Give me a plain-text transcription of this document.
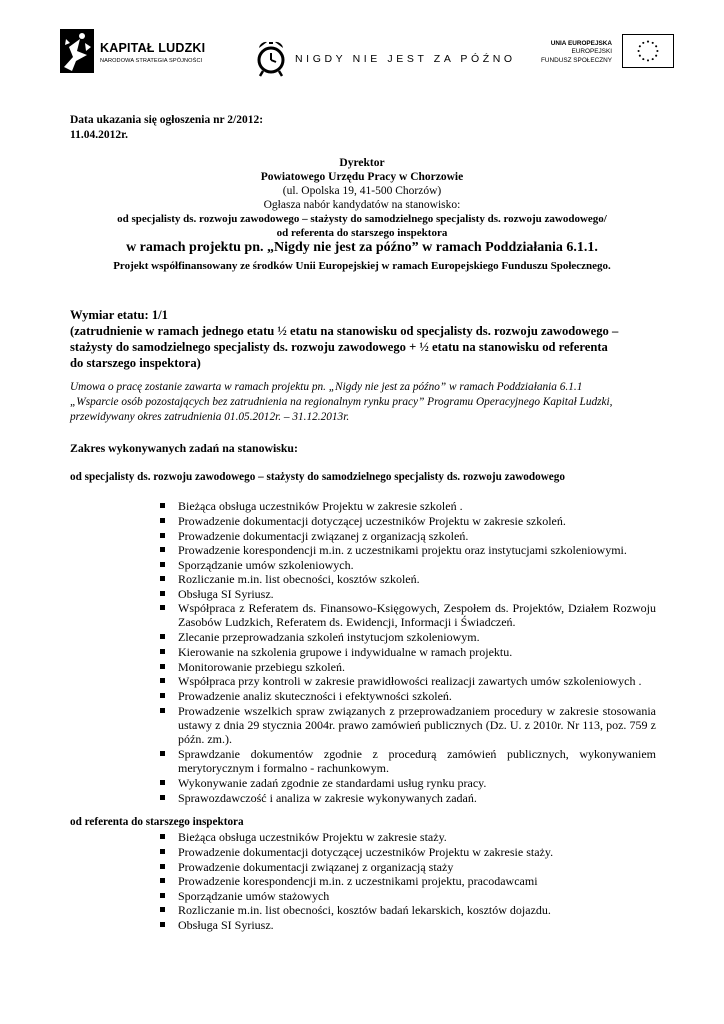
KAPITAŁ LUDZKI
NARODOWA STRATEGIA SPÓJNOŚCI	NIGDY NIE JEST ZA PÓŹNO
UNIA EUROPEJSKA
EUROPEJSKI
FUNDUSZ SPOŁECZNY
Data ukazania się ogłoszenia nr 2/2012:
11.04.2012r.
Dyrektor
Powiatowego Urzędu Pracy w Chorzowie
(ul. Opolska 19, 41-500 Chorzów)
Ogłasza nabór kandydatów na stanowisko:
od specjalisty ds. rozwoju zawodowego – stażysty do samodzielnego specjalisty ds. rozwoju zawodowego/
od referenta do starszego inspektora
w ramach projektu pn. „Nigdy nie jest za późno” w ramach Poddziałania 6.1.1.
Projekt współfinansowany ze środków Unii Europejskiej w ramach Europejskiego Funduszu Społecznego.
Wymiar etatu: 1/1
(zatrudnienie w ramach jednego etatu ½ etatu na stanowisku od specjalisty ds. rozwoju zawodowego –
stażysty do samodzielnego specjalisty ds. rozwoju zawodowego + ½ etatu na stanowisku od referenta
do starszego inspektora)
Umowa o pracę zostanie zawarta w ramach projektu pn. „Nigdy nie jest za późno” w ramach Poddziałania 6.1.1
„Wsparcie osób pozostających bez zatrudnienia na regionalnym rynku pracy” Programu Operacyjnego Kapitał Ludzki,
przewidywany okres zatrudnienia 01.05.2012r. – 31.12.2013r.
Zakres wykonywanych zadań na stanowisku:
od specjalisty ds. rozwoju zawodowego – stażysty do samodzielnego specjalisty ds. rozwoju zawodowego
Bieżąca obsługa uczestników Projektu w zakresie szkoleń .
Prowadzenie dokumentacji dotyczącej uczestników Projektu w zakresie szkoleń.
Prowadzenie dokumentacji związanej z organizacją szkoleń.
Prowadzenie korespondencji m.in. z uczestnikami projektu oraz instytucjami szkoleniowymi.
Sporządzanie umów szkoleniowych.
Rozliczanie m.in. list obecności, kosztów szkoleń.
Obsługa SI Syriusz.
Współpraca z Referatem ds. Finansowo-Księgowych, Zespołem ds. Projektów, Działem Rozwoju Zasobów Ludzkich, Referatem ds. Ewidencji, Informacji i Świadczeń.
Zlecanie przeprowadzania szkoleń instytucjom szkoleniowym.
Kierowanie na szkolenia grupowe i indywidualne w ramach projektu.
Monitorowanie przebiegu szkoleń.
Współpraca przy kontroli w zakresie prawidłowości realizacji zawartych umów szkoleniowych .
Prowadzenie analiz skuteczności i efektywności szkoleń.
Prowadzenie wszelkich spraw związanych z przeprowadzaniem procedury w zakresie stosowania ustawy z dnia 29 stycznia 2004r. prawo zamówień publicznych (Dz. U. z 2010r. Nr 113, poz. 759 z późn. zm.).
Sprawdzanie dokumentów zgodnie z procedurą zamówień publicznych, wykonywaniem merytorycznym i formalno - rachunkowym.
Wykonywanie zadań zgodnie ze standardami usług rynku pracy.
Sprawozdawczość i analiza w zakresie wykonywanych zadań.
od referenta do starszego inspektora
Bieżąca obsługa uczestników Projektu w zakresie staży.
Prowadzenie dokumentacji dotyczącej uczestników Projektu w zakresie staży.
Prowadzenie dokumentacji związanej z organizacją staży
Prowadzenie korespondencji m.in. z uczestnikami projektu, pracodawcami
Sporządzanie umów stażowych
Rozliczanie m.in. list obecności, kosztów badań lekarskich, kosztów dojazdu.
Obsługa SI Syriusz.
